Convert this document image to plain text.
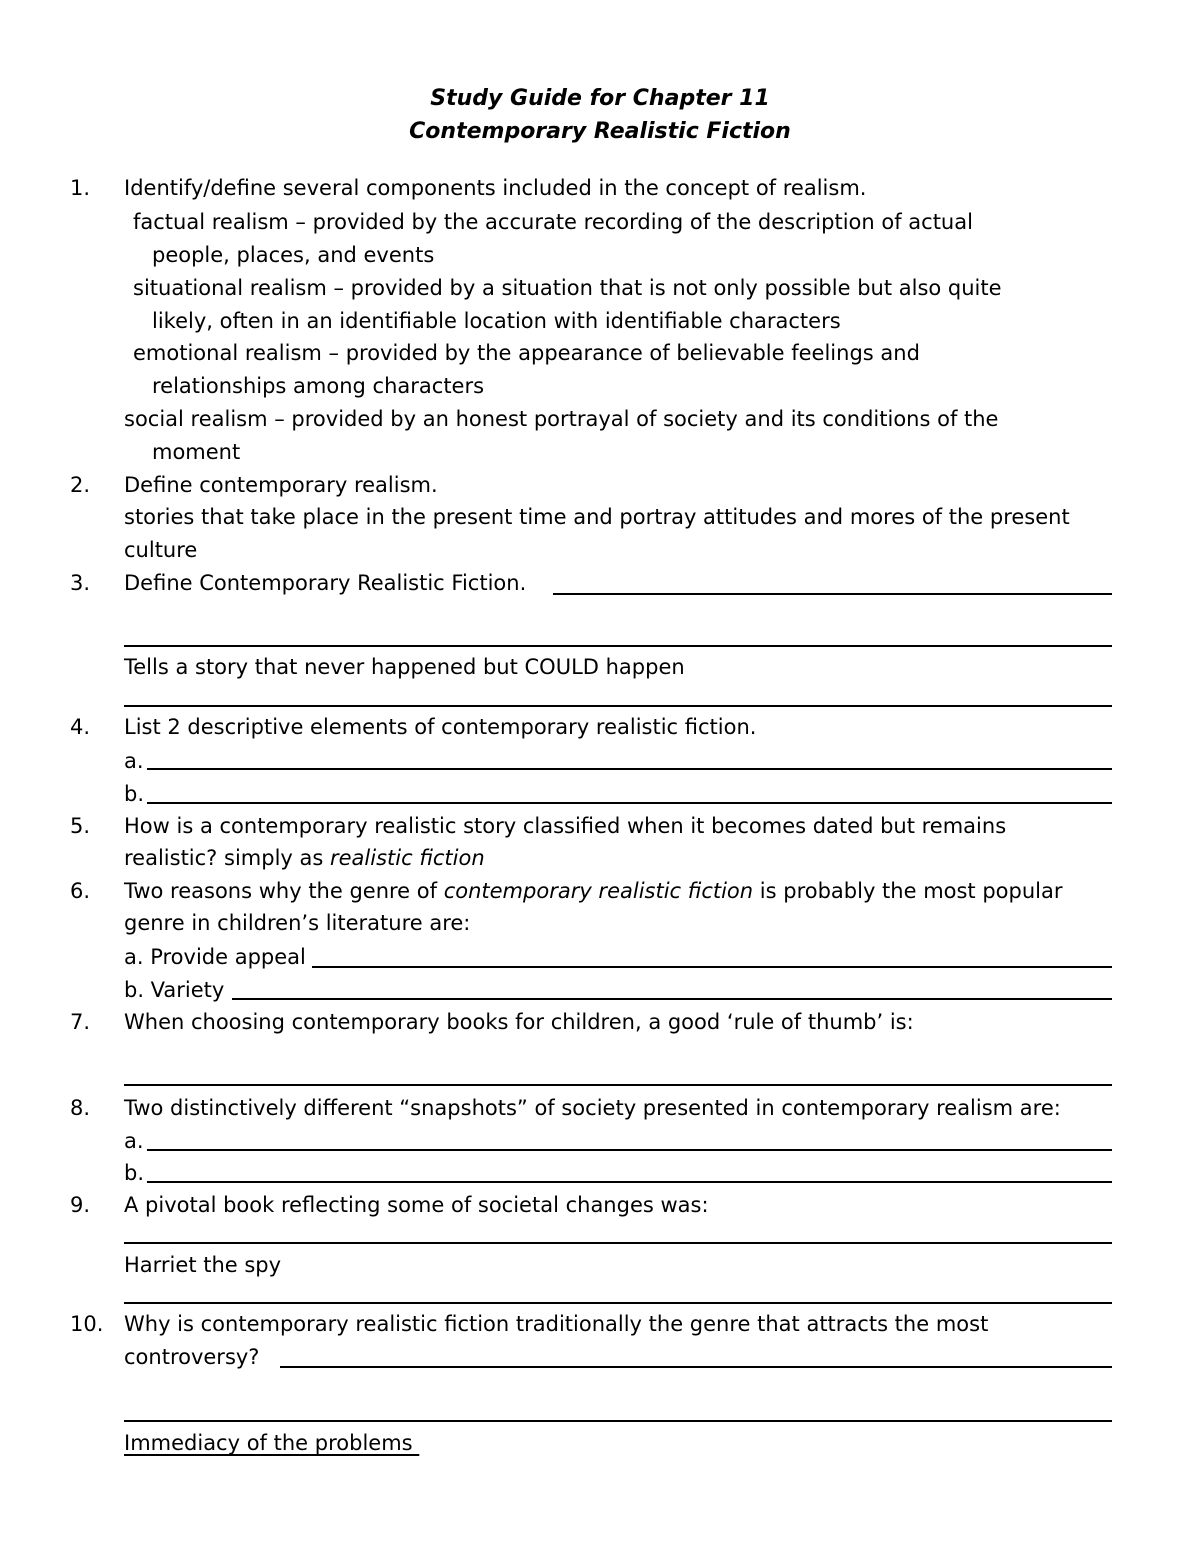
Study Guide for Chapter 11
Contemporary Realistic Fiction
1. Identify/define several components included in the concept of realism.
factual realism – provided by the accurate recording of the description of actual
people, places, and events
situational realism – provided by a situation that is not only possible but also quite
likely, often in an identifiable location with identifiable characters
emotional realism – provided by the appearance of believable feelings and
relationships among characters
social realism – provided by an honest portrayal of society and its conditions of the
moment
2. Define contemporary realism.
stories that take place in the present time and portray attitudes and mores of the present
culture
3. Define Contemporary Realistic Fiction.
Tells a story that never happened but COULD happen
4. List 2 descriptive elements of contemporary realistic fiction.
a.
b.
5. How is a contemporary realistic story classified when it becomes dated but remains
realistic? simply as realistic fiction
6. Two reasons why the genre of contemporary realistic fiction is probably the most popular
genre in children’s literature are:
a. Provide appeal
b. Variety
7. When choosing contemporary books for children, a good ‘rule of thumb’ is:
8. Two distinctively different “snapshots” of society presented in contemporary realism are:
a.
b.
9. A pivotal book reflecting some of societal changes was:
Harriet the spy
10. Why is contemporary realistic fiction traditionally the genre that attracts the most
controversy?
Immediacy of the problems
